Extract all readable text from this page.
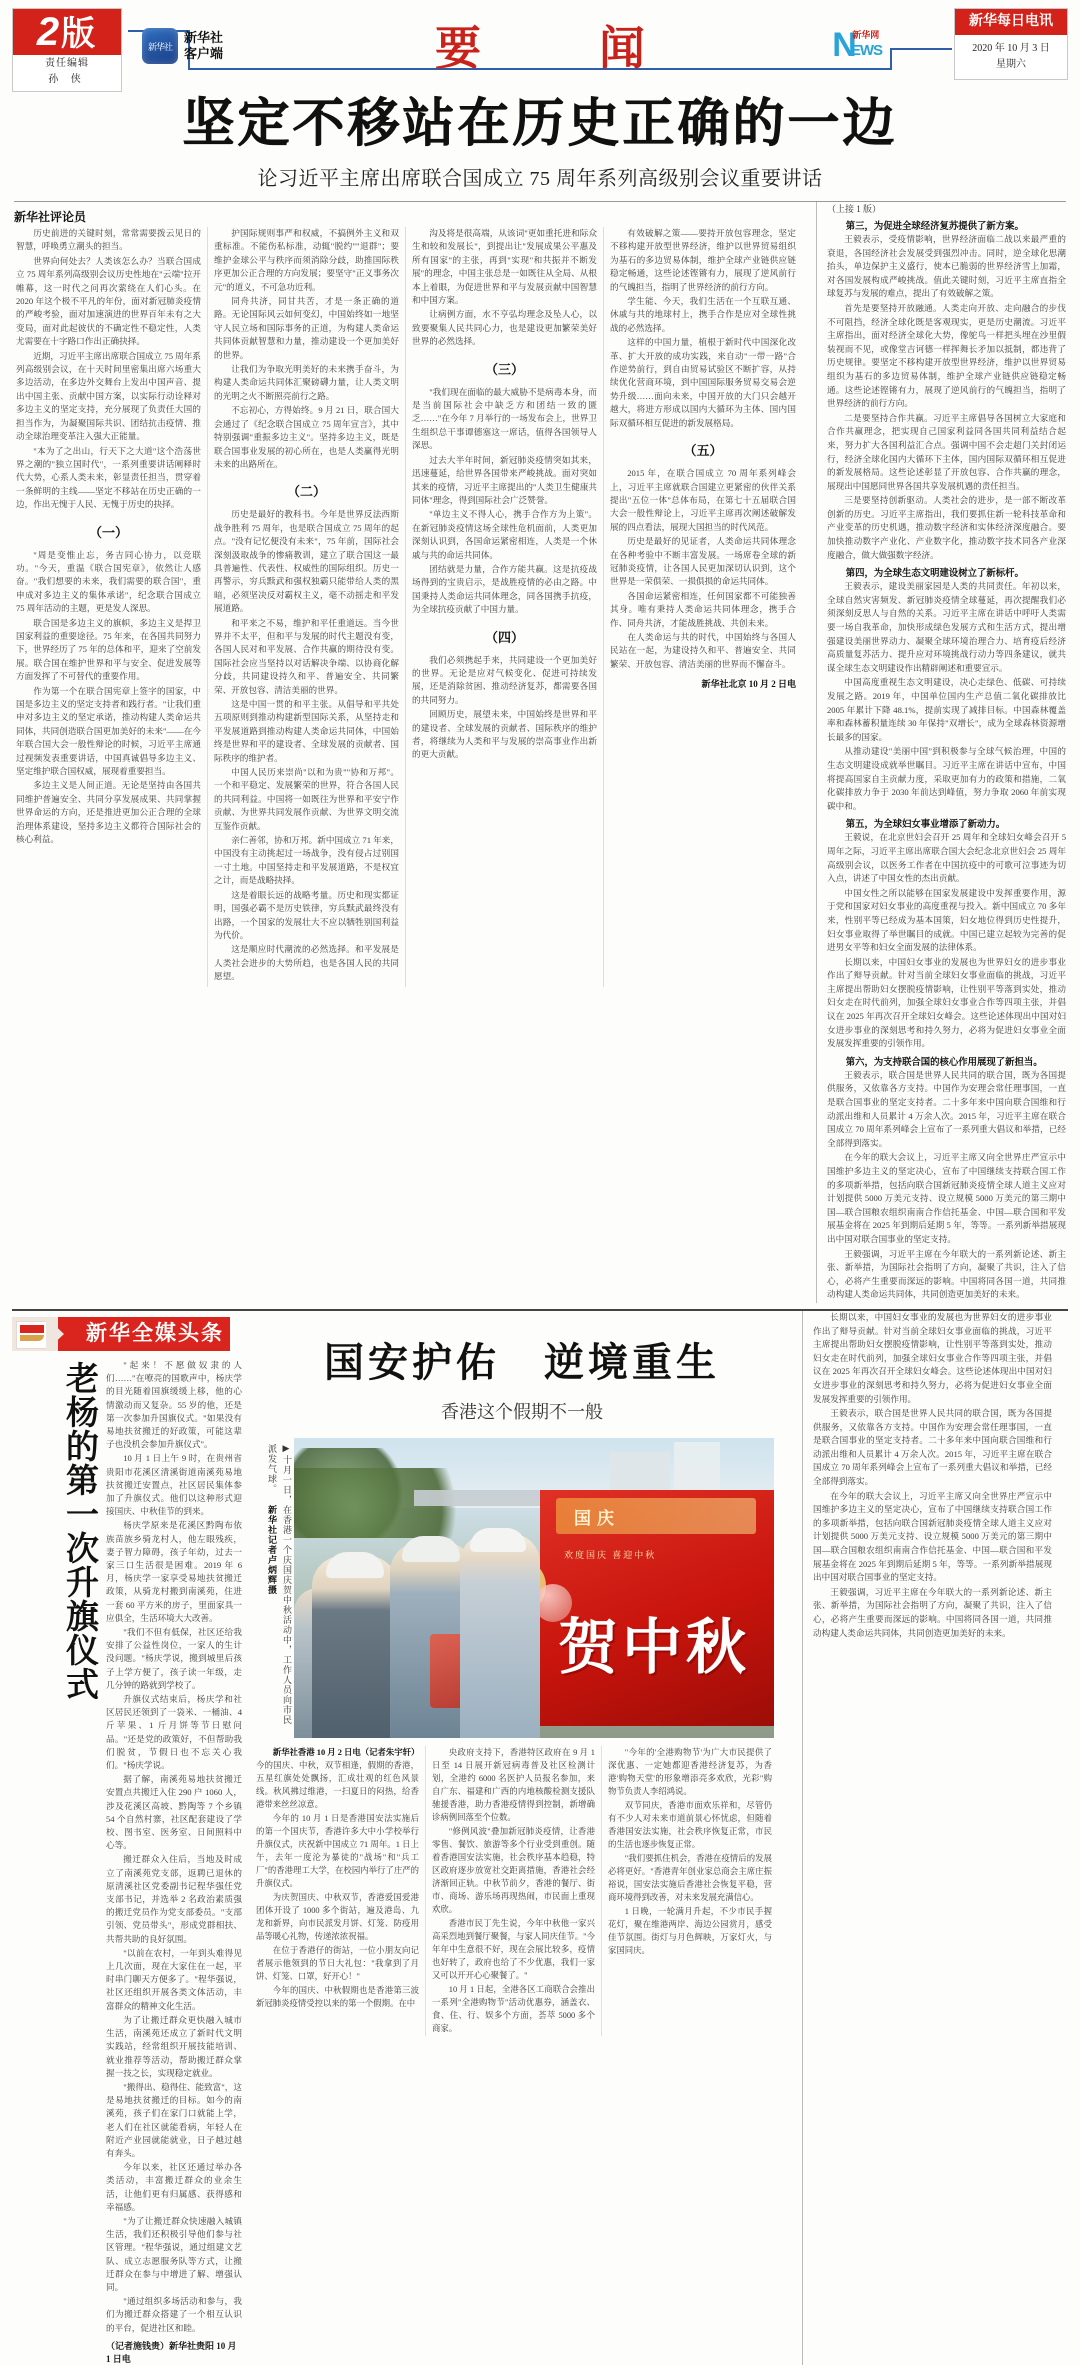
2版
责任编辑
孙 侠
新华社
新华社
客户端	要　闻	N
EWS
新华网
新华每日电讯
2020 年 10 月 3 日
星期六
坚定不移站在历史正确的一边
论习近平主席出席联合国成立 75 周年系列高级别会议重要讲话
新华社评论员

历史前进的关键时刻，常常需要拨云见日的智慧，呼唤勇立潮头的担当。

世界向何处去？人类该怎么办？当联合国成立 75 周年系列高级别会议历史性地在"云端"拉开帷幕，这一时代之问再次萦绕在人们心头。在 2020 年这个极不平凡的年份，面对新冠肺炎疫情的严峻考验，面对加速演进的世界百年未有之大变局，面对此起彼伏的不确定性不稳定性，人类尤需要在十字路口作出正确抉择。

近期，习近平主席出席联合国成立 75 周年系列高级别会议，在十天时间里密集出席六场重大多边活动，在多边外交舞台上发出中国声音、提出中国主张、贡献中国方案，以实际行动诠释对多边主义的坚定支持，充分展现了负责任大国的担当作为，为凝聚国际共识、团结抗击疫情、推动全球治理变革注入强大正能量。

"本为了之出山，行天下之大道"这个浩荡世界之潮的"独立国时代"，一系列重要讲话阐释时代大势，心系人类未来，彰显责任担当，贯穿着一条鲜明的主线——坚定不移站在历史正确的一边，作出无愧于人民、无愧于历史的抉择。

（一）

"周是变惟止忘，务吉同心协力，以竞联功。"今天，重温《联合国宪章》，依然让人感奋。"我们想要的未来，我们需要的联合国"，重申成对多边主义的集体承诺"，纪念联合国成立 75 周年活动的主题，更是发人深思。

联合国是多边主义的旗帜，多边主义是捍卫国家利益的重要途径。75 年来，在各国共同努力下，世界经历了 75 年的总体和平，迎来了空前发展。联合国在维护世界和平与安全、促进发展等方面发挥了不可替代的重要作用。

作为第一个在联合国宪章上签字的国家，中国是多边主义的坚定支持者和践行者。"让我们重申对多边主义的坚定承诺，推动构建人类命运共同体，共同创造联合国更加美好的未来"——在今年联合国大会一般性辩论的时候，习近平主席通过视频发表重要讲话，中国真诚倡导多边主义、坚定维护联合国权威，展现着重要担当。

多边主义是人间正道。无论是坚持由各国共同维护普遍安全、共同分享发展成果、共同掌握世界命运的方向，还是推进更加公正合理的全球治理体系建设，坚持多边主义都符合国际社会的核心利益。

护国际规则事严和权威，不搞例外主义和双重标准。不能伤私标准，动辄"脱约""退群"；要维护金球公平与秩序而须消除分歧，助推国际秩序更加公正合理的方向发展；要坚守"正义事务次元"的道义，不可急功近利。

同舟共济，同甘共苦，才是一条正确的道路。无论国际风云如何变幻，中国始终如一地坚守人民立场和国际事务的正道，为构建人类命运共同体贡献智慧和力量，推动建设一个更加美好的世界。

让我们为争取光明美好的未来携手奋斗，为构建人类命运共同体汇聚磅礴力量，让人类文明的光明之火不断照亮前行之路。

不忘初心，方得始终。9 月 21 日，联合国大会通过了《纪念联合国成立 75 周年宣言》，其中特别强调"重振多边主义"。坚持多边主义，既是联合国事业发展的初心所在，也是人类赢得光明未来的出路所在。

（二）

历史是最好的教科书。今年是世界反法西斯战争胜利 75 周年，也是联合国成立 75 周年的起点。"没有记忆便没有未来"，75 年前，国际社会深刻汲取战争的惨痛教训，建立了联合国这一最具普遍性、代表性、权威性的国际组织。历史一再警示，穷兵黩武和强权独霸只能带给人类的黑暗，必须坚决反对霸权主义，毫不动摇走和平发展道路。

和平来之不易，维护和平任重道远。当今世界并不太平，但和平与发展的时代主题没有变，各国人民对和平发展、合作共赢的期待没有变。国际社会应当坚持以对话解决争端、以协商化解分歧，共同建设持久和平、普遍安全、共同繁荣、开放包容、清洁美丽的世界。

这是中国一贯的和平主张。从倡导和平共处五项原则到推动构建新型国际关系，从坚持走和平发展道路到推动构建人类命运共同体，中国始终是世界和平的建设者、全球发展的贡献者、国际秩序的维护者。

中国人民历来崇尚"以和为贵""协和万邦"。一个和平稳定、发展繁荣的世界，符合各国人民的共同利益。中国将一如既往为世界和平安宁作贡献、为世界共同发展作贡献、为世界文明交流互鉴作贡献。

亲仁善邻，协和万邦。新中国成立 71 年来，中国没有主动挑起过一场战争，没有侵占过别国一寸土地。中国坚持走和平发展道路，不是权宜之计，而是战略抉择。

这是着眼长远的战略考量。历史和现实都证明，国强必霸不是历史铁律，穷兵黩武最终没有出路，一个国家的发展壮大不应以牺牲别国利益为代价。

这是顺应时代潮流的必然选择。和平发展是人类社会进步的大势所趋，也是各国人民的共同愿望。

沟及将是很高端，从该词"更如重托进和际众生和较和发展长"，到提出让"发展成果公平惠及所有国家"的主张，再到"实现"和共振并不断发展"的理念，中国主张总是一如既往从全局、从根本上着眼，为促进世界和平与发展贡献中国智慧和中国方案。

让病例方面，水不亨弘均理念及坠人心，以致要聚集人民共同心力，也是建设更加繁荣美好世界的必然选择。

（三）

"我们现在面临的最大威胁不是病毒本身，而是当前国际社会中缺乏方和团结一致的匮乏……"在今年 7 月举行的一场发布会上，世界卫生组织总干事谭德塞这一席话，值得各国领导人深思。

过去大半年时间，新冠肺炎疫情突如其来，迅速蔓延，给世界各国带来严峻挑战。面对突如其来的疫情，习近平主席提出的"人类卫生健康共同体"理念，得到国际社会广泛赞誉。

"单边主义不得人心，携手合作方为上策"。在新冠肺炎疫情这场全球性危机面前，人类更加深刻认识到，各国命运紧密相连，人类是一个休戚与共的命运共同体。

团结就是力量，合作方能共赢。这是抗疫战场得到的宝贵启示，是战胜疫情的必由之路。中国秉持人类命运共同体理念，同各国携手抗疫，为全球抗疫贡献了中国力量。

（四）

我们必须携起手来，共同建设一个更加美好的世界。无论是应对气候变化、促进可持续发展，还是消除贫困、推动经济复苏，都需要各国的共同努力。

回顾历史，展望未来，中国始终是世界和平的建设者、全球发展的贡献者、国际秩序的维护者，将继续为人类和平与发展的崇高事业作出新的更大贡献。

有效破解之策——要持开放包容理念，坚定不移构建开放型世界经济，维护以世界贸易组织为基石的多边贸易体制，维护全球产业链供应链稳定畅通，这些论述铿锵有力，展现了逆风前行的气魄担当，指明了世界经济的前行方向。

学生能、今天，我们生活在一个互联互通、休戚与共的地球村上，携手合作是应对全球性挑战的必然选择。

这样的中国力量，植根于新时代中国深化改革、扩大开放的成功实践，来自动"一带一路"合作逆势前行，到自由贸易试验区不断扩容，从持续优化营商环境，到中国国际服务贸易交易会逆势升级……面向未来，中国开放的大门只会越开越大，将进方形成以国内大循环为主体、国内国际双循环相互促进的新发展格局。

（五）

2015 年，在联合国成立 70 周年系列峰会上，习近平主席就联合国建立更紧密的伙伴关系提出"五位一体"总体布局，在第七十五届联合国大会一般性辩论上，习近平主席再次阐述破解发展的四点看法，展现大国担当的时代风范。

历史是最好的见证者，人类命运共同体理念在各种考验中不断丰富发展。一场席卷全球的新冠肺炎疫情，让各国人民更加深切认识到，这个世界是一荣俱荣、一损俱损的命运共同体。

各国命运紧密相连，任何国家都不可能独善其身。唯有秉持人类命运共同体理念，携手合作、同舟共济，才能战胜挑战、共创未来。

在人类命运与共的时代，中国始终与各国人民站在一起，为建设持久和平、普遍安全、共同繁荣、开放包容、清洁美丽的世界而不懈奋斗。

新华社北京 10 月 2 日电
（上接 1 版）
第三，为促进全球经济复苏提供了新方案。

王毅表示，受疫情影响，世界经济面临二战以来最严重的衰退，各国经济社会发展受到强烈冲击。同时，逆全球化思潮抬头，单边保护主义盛行，使本已脆弱的世界经济雪上加霜，对各国发展构成严峻挑战。值此关键时刻，习近平主席直指全球复苏与发展的难点，提出了有效破解之策。

首先是要坚持开放融通。人类走向开放、走向融合的步伐不可阻挡，经济全球化既是客观现实，更是历史潮流。习近平主席指出，面对经济全球化大势，像鸵鸟一样把头埋在沙里假装视而不见，或像堂吉诃德一样挥舞长矛加以抵制，都违背了历史规律。要坚定不移构建开放型世界经济，维护以世界贸易组织为基石的多边贸易体制，维护全球产业链供应链稳定畅通。这些论述铿锵有力，展现了逆风前行的气魄担当，指明了世界经济的前行方向。

二是要坚持合作共赢。习近平主席倡导各国树立大家庭和合作共赢理念，把实现自己国家利益同各国共同利益结合起来，努力扩大各国利益汇合点。强调中国不会走超门关封闭运行，经济全球化国内大循环下主体，国内国际双循环相互促进的新发展格局。这些论述彰显了开放包容、合作共赢的理念，展现出中国愿同世界各国共享发展机遇的责任担当。

三是要坚持创新驱动。人类社会的进步，是一部不断改革创新的历史。习近平主席指出，我们要抓住新一轮科技革命和产业变革的历史机遇，推动数字经济和实体经济深度融合。要加快推动数字产业化、产业数字化，推动数字技术同各产业深度融合，做大做强数字经济。

第四，为全球生态文明建设树立了新标杆。

王毅表示，建设美丽家园是人类的共同责任。年初以来，全球自然灾害频发、新冠肺炎疫情全球蔓延，再次提醒我们必须深刻反思人与自然的关系。习近平主席在讲话中呼吁人类需要一场自我革命，加快形成绿色发展方式和生活方式，提出增强建设美丽世界动力、凝聚全球环境治理合力、培育疫后经济高质量复苏活力、提升应对环境挑战行动力等四条建议，就共谋全球生态文明建设作出精辟阐述和重要宣示。

中国高度重视生态文明建设，决心走绿色、低碳、可持续发展之路。2019 年，中国单位国内生产总值二氧化碳排放比 2005 年累计下降 48.1%，提前实现了减排目标。中国森林覆盖率和森林蓄积量连续 30 年保持"双增长"，成为全球森林资源增长最多的国家。

从推动建设"美丽中国"到积极参与全球气候治理，中国的生态文明建设成就举世瞩目。习近平主席在讲话中宣布，中国将提高国家自主贡献力度，采取更加有力的政策和措施，二氧化碳排放力争于 2030 年前达到峰值，努力争取 2060 年前实现碳中和。

第五，为全球妇女事业增添了新动力。

王毅说，在北京世妇会召开 25 周年和全球妇女峰会召开 5 周年之际，习近平主席出席联合国大会纪念北京世妇会 25 周年高级别会议，以医务工作者在中国抗疫中的可歌可泣事迹为切入点，讲述了中国女性的杰出贡献。

中国女性之所以能够在国家发展建设中发挥重要作用，源于党和国家对妇女事业的高度重视与投入。新中国成立 70 多年来，性别平等已经成为基本国策，妇女地位得到历史性提升，妇女事业取得了举世瞩目的成就。中国已建立起较为完善的促进男女平等和妇女全面发展的法律体系。

长期以来，中国妇女事业的发展也为世界妇女的进步事业作出了辩导贡献。针对当前全球妇女事业面临的挑战，习近平主席提出帮助妇女摆脱疫情影响，让性别平等落到实处，推动妇女走在时代前列，加强全球妇女事业合作等四项主张，并倡议在 2025 年再次召开全球妇女峰会。这些论述体现出中国对妇女进步事业的深刻思考和持久努力，必将为促进妇女事业全面发展发挥重要的引领作用。

第六，为支持联合国的核心作用展现了新担当。

王毅表示，联合国是世界人民共同的联合国，既为各国提供服务，又依靠各方支持。中国作为安理会常任理事国，一直是联合国事业的坚定支持者。二十多年来中国向联合国维和行动派出维和人员累计 4 万余人次。2015 年，习近平主席在联合国成立 70 周年系列峰会上宣布了一系列重大倡议和举措，已经全部得到落实。

在今年的联大会议上，习近平主席又向全世界庄严宣示中国维护多边主义的坚定决心，宣布了中国继续支持联合国工作的多项新举措，包括向联合国新冠肺炎疫情全球人道主义应对计划提供 5000 万美元支持、设立规模 5000 万美元的第三期中国—联合国粮农组织南南合作信托基金、中国—联合国和平发展基金将在 2025 年到期后延期 5 年，等等。一系列新举措展现出中国对联合国事业的坚定支持。

王毅强调，习近平主席在今年联大的一系列新论述、新主张、新举措，为国际社会指明了方向，凝聚了共识，注入了信心，必将产生重要而深远的影响。中国将同各国一道，共同推动构建人类命运共同体，共同创造更加美好的未来。

新华全媒头条
老杨的第一次升旗仪式	"起来！不愿做奴隶的人们……"在嘹亮的国歌声中，杨庆学的目光随着国旗缓缓上移，他的心情激动而又复杂。55 岁的他，还是第一次参加升国旗仪式。"如果没有易地扶贫搬迁的好政策，可能这辈子也没机会参加升旗仪式"。

10 月 1 日上午 9 时，在贵州省贵阳市花溪区清溪街道南溪苑易地扶贫搬迁安置点，社区居民集体参加了升旗仪式。他们以这种形式迎接国庆、中秋佳节的到来。

杨庆学原来是花溪区黔陶布依族苗族乡骑龙村人，他左眼残疾，妻子智力障碍，孩子年幼，过去一家三口生活很是困难。2019 年 6 月，杨庆学一家享受易地扶贫搬迁政策，从骑龙村搬到南溪苑，住进一套 60 平方米的房子，里面家具一应俱全，生活环境大大改善。

"我们不但有低保，社区还给我安排了公益性岗位，一家人的生计没问题。"杨庆学说，搬到城里后孩子上学方便了，孩子读一年级，走几分钟的路就到学校了。

升旗仪式结束后，杨庆学和社区居民还领到了一袋米、一桶油、4 斤苹果、1 斤月饼等节日慰问品。"还是党的政策好，不但帮助我们脱贫，节假日也不忘关心我们。"杨庆学说。

据了解，南溪苑易地扶贫搬迁安置点共搬迁入住 290 户 1060 人，涉及花溪区高坡、黔陶等 7 个乡镇 54 个自然村寨，社区配套建设了学校、图书室、医务室、日间照料中心等。

搬迁群众入住后，当地及时成立了南溪苑党支部，返聘已退休的原清溪社区党委副书记程华强任党支部书记，并选举 2 名政治素质强的搬迁党员作为党支部委员。"支部引领、党员带头"，形成党群相扶、共帮共助的良好氛围。

"以前在农村，一年到头难得见上几次面，现在大家住在一起，平时串门聊天方便多了。"程华强说，社区还组织开展各类文体活动，丰富群众的精神文化生活。

为了让搬迁群众更快融入城市生活，南溪苑还成立了新时代文明实践站，经常组织开展技能培训、就业推荐等活动，帮助搬迁群众掌握一技之长，实现稳定就业。

"搬得出、稳得住、能致富"，这是易地扶贫搬迁的目标。如今的南溪苑，孩子们在家门口就能上学，老人们在社区就能看病，年轻人在附近产业园就能就业，日子越过越有奔头。

今年以来，社区还通过举办各类活动，丰富搬迁群众的业余生活，让他们更有归属感、获得感和幸福感。

"为了让搬迁群众快速融入城镇生活，我们还积极引导他们参与社区管理。"程华强说，通过组建文艺队、成立志愿服务队等方式，让搬迁群众在参与中增进了解、增强认同。

"通过组织多场活动和参与，我们为搬迁群众搭建了一个相互认识的平台，促进社区和睦。

（记者施钱贵）新华社贵阳 10 月 1 日电
国安护佑　逆境重生
香港这个假期不一般
▶十月一日，在香港一个庆国庆贺中秋活动中，工作人员向市民派发气球。 新华社记者卢炳辉摄	国庆
欢度国庆 喜迎中秋
贺中秋

新华社香港 10 月 2 日电（记者朱宇轩）今的国庆、中秋，双节相逢，假期的香港，五星红旗处处飘扬，汇成壮观的红色风景线。秋风拂过维港，一扫夏日的闷热，给香港带来丝丝凉意。

今年的 10 月 1 日是香港国安法实施后的第一个国庆节，香港许多大中小学校举行升旗仪式，庆祝新中国成立 71 周年。1 日上午，去年一度沦为暴徒的"战场"和"兵工厂"的香港理工大学，在校园内举行了庄严的升旗仪式。

为庆贺国庆、中秋双节，香港爱国爱港团体开设了 1000 多个街站，遍及港岛、九龙和新界，向市民派发月饼、灯笼、防疫用品等暖心礼物，传递浓浓祝福。

在位于香港仔的街站，一位小朋友向记者展示他领到的节日大礼包："我拿到了月饼、灯笼、口罩，好开心！"

今年的国庆、中秋假期也是香港第三波新冠肺炎疫情受控以来的第一个假期。在中

央政府支持下，香港特区政府在 9 月 1 日至 14 日展开新冠病毒普及社区检测计划，全港约 6000 名医护人员报名参加，来自广东、福建和广西的内地核酸检测支援队驰援香港，助力香港疫情得到控制，新增确诊病例回落至个位数。

"修例风波"叠加新冠肺炎疫情，让香港零售、餐饮、旅游等多个行业受到重创。随着香港国安法实施，社会秩序基本趋稳，特区政府逐步放宽社交距离措施，香港社会经济渐回正轨。中秋节前夕，香港的餐厅、街市、商场、游乐场再现热闹，市民面上重现欢欣。

香港市民丁先生说，今年中秋他一家兴高采烈地到餐厅聚餐，与家人同庆佳节。"今年年中生意很不好，现在会展比较多，疫情也好转了，政府也给了不少优惠，我们一家又可以开开心心聚餐了。"

10 月 1 日起，全港各区工商联合会推出一系列"全港购物节"活动优惠券，涵盖衣、食、住、行、娱多个方面，荟萃 5000 多个商家。

"今年的'全港购物节'为广大市民提供了深优惠、一定她都迎香港经济复苏，为香港'购物天堂'的形象增添亮多欢欣，光彩"购物节负责人李绍鸿说。

双节同庆，香港市面欢乐祥和，尽管仍有不少人对未来市道前景心怀忧虑，但随着香港国安法实施，社会秩序恢复正常，市民的生活也逐步恢复正常。

"我们要抓住机会，香港在疫情后的发展必将更好。"香港青年创业家总商会主席庄振裕说，国安法实施后香港社会恢复平稳，营商环境得到改善，对未来发展充满信心。

1 日晚，一轮满月升起，不少市民手握花灯，聚在维港两岸、海边公园赏月，感受佳节氛围。街灯与月色辉映，万家灯火，与家国同庆。

长期以来，中国妇女事业的发展也为世界妇女的进步事业作出了辩导贡献。针对当前全球妇女事业面临的挑战，习近平主席提出帮助妇女摆脱疫情影响，让性别平等落到实处，推动妇女走在时代前列，加强全球妇女事业合作等四项主张，并倡议在 2025 年再次召开全球妇女峰会。这些论述体现出中国对妇女进步事业的深刻思考和持久努力，必将为促进妇女事业全面发展发挥重要的引领作用。

王毅表示，联合国是世界人民共同的联合国，既为各国提供服务，又依靠各方支持。中国作为安理会常任理事国，一直是联合国事业的坚定支持者。二十多年来中国向联合国维和行动派出维和人员累计 4 万余人次。2015 年，习近平主席在联合国成立 70 周年系列峰会上宣布了一系列重大倡议和举措，已经全部得到落实。

在今年的联大会议上，习近平主席又向全世界庄严宣示中国维护多边主义的坚定决心，宣布了中国继续支持联合国工作的多项新举措，包括向联合国新冠肺炎疫情全球人道主义应对计划提供 5000 万美元支持、设立规模 5000 万美元的第三期中国—联合国粮农组织南南合作信托基金、中国—联合国和平发展基金将在 2025 年到期后延期 5 年，等等。一系列新举措展现出中国对联合国事业的坚定支持。

王毅强调，习近平主席在今年联大的一系列新论述、新主张、新举措，为国际社会指明了方向，凝聚了共识，注入了信心，必将产生重要而深远的影响。中国将同各国一道，共同推动构建人类命运共同体，共同创造更加美好的未来。
